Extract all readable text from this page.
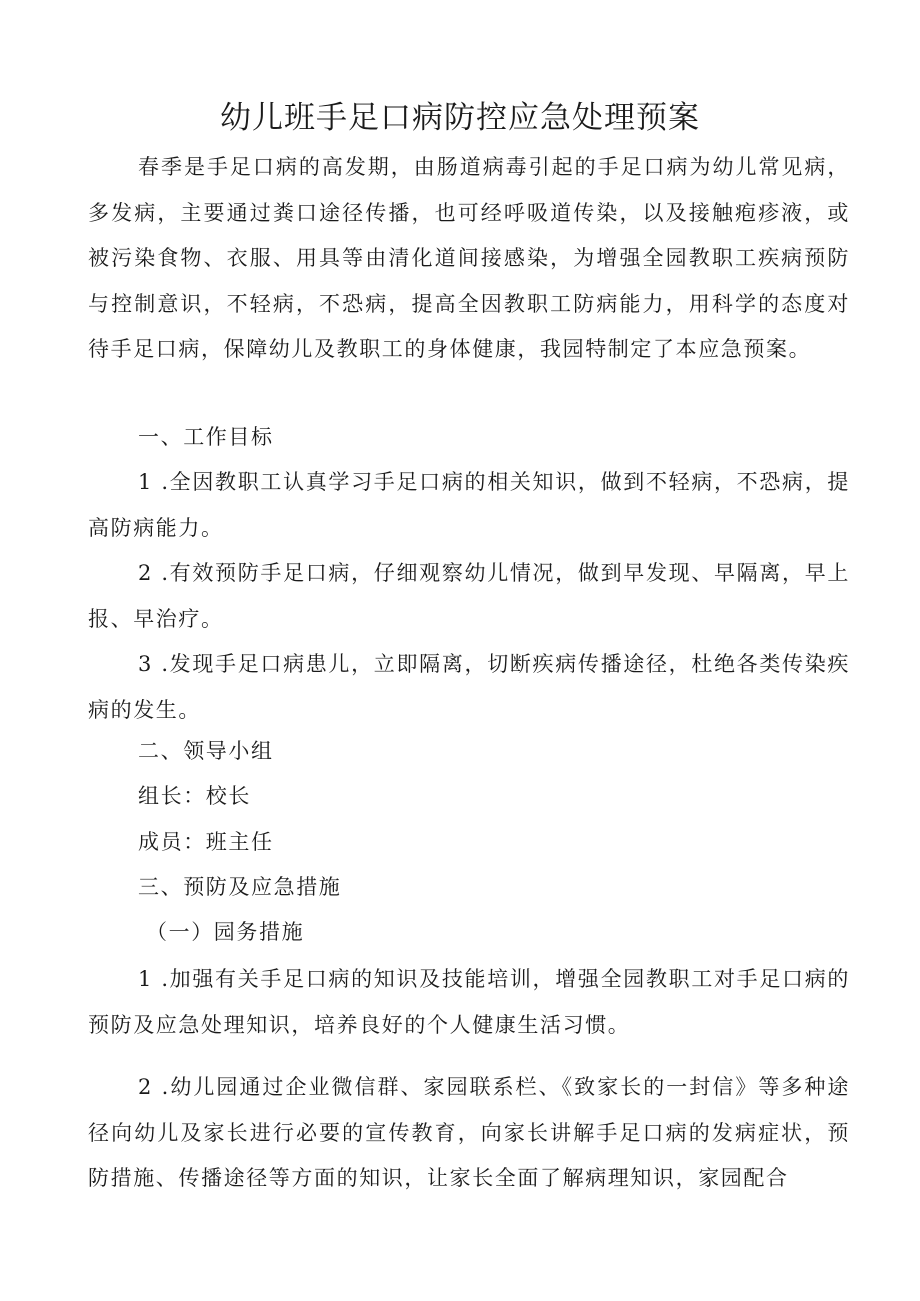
幼儿班手足口病防控应急处理预案

春季是手足口病的高发期，由肠道病毒引起的手足口病为幼儿常见病，多发病，主要通过粪口途径传播，也可经呼吸道传染，以及接触疱疹液，或被污染食物、衣服、用具等由清化道间接感染，为增强全园教职工疾病预防与控制意识，不轻病，不恐病，提高全因教职工防病能力，用科学的态度对待手足口病，保障幼儿及教职工的身体健康，我园特制定了本应急预案。

一、工作目标

1 .全因教职工认真学习手足口病的相关知识，做到不轻病，不恐病，提高防病能力。

2 .有效预防手足口病，仔细观察幼儿情况，做到早发现、早隔离，早上报、早治疗。

3 .发现手足口病患儿，立即隔离，切断疾病传播途径，杜绝各类传染疾病的发生。

二、领导小组

组长：校长

成员：班主任

三、预防及应急措施

（一）园务措施

1 .加强有关手足口病的知识及技能培训，增强全园教职工对手足口病的预防及应急处理知识，培养良好的个人健康生活习惯。

2 .幼儿园通过企业微信群、家园联系栏、《致家长的一封信》等多种途径向幼儿及家长进行必要的宣传教育，向家长讲解手足口病的发病症状，预防措施、传播途径等方面的知识，让家长全面了解病理知识，家园配合
